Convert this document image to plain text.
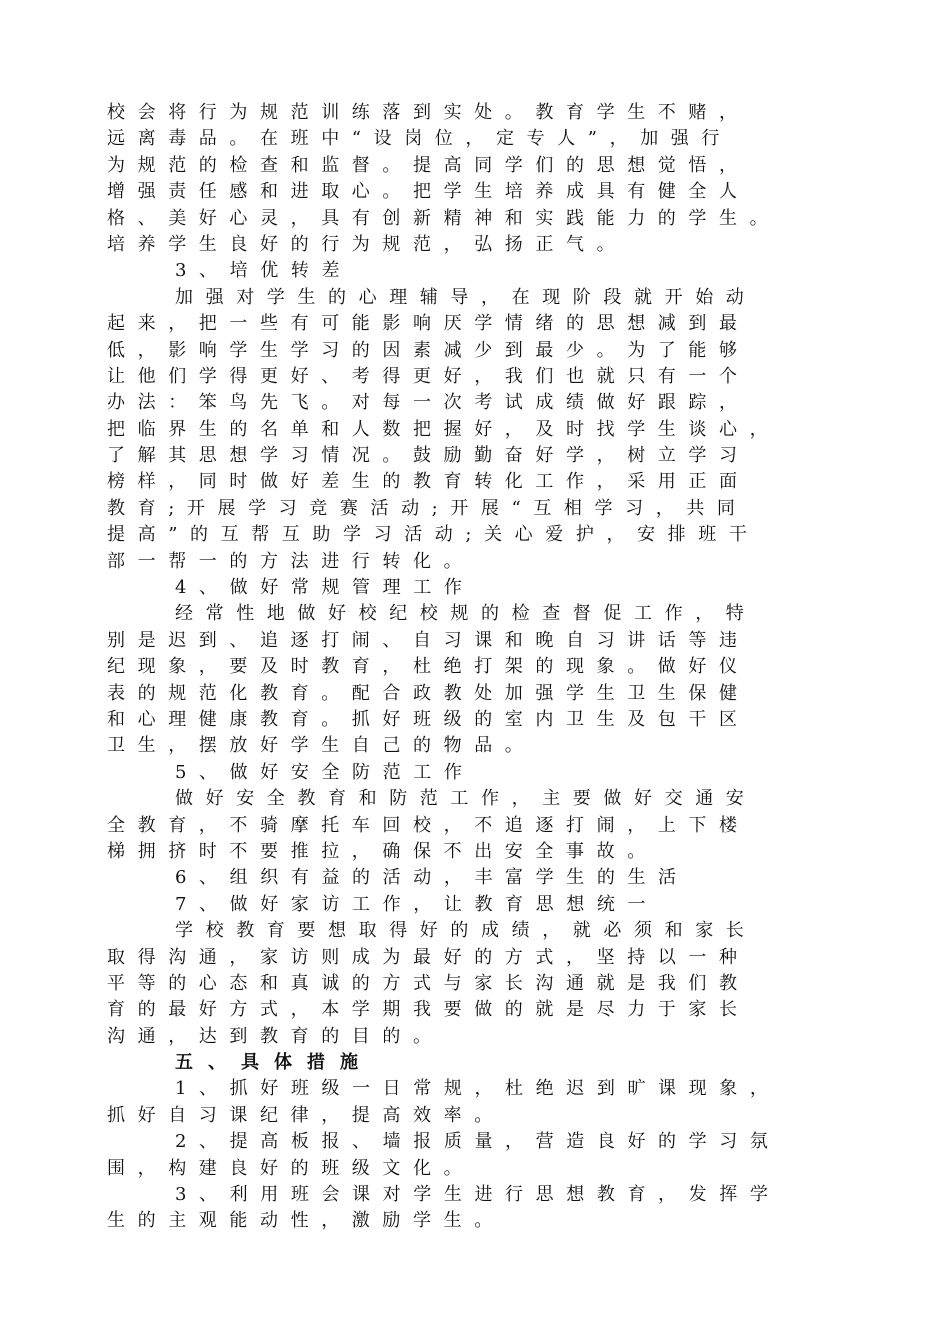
校会将行为规范训练落到实处。教育学生不赌，
远离毒品。在班中“设岗位，定专人”，加强行
为规范的检查和监督。提高同学们的思想觉悟，
增强责任感和进取心。把学生培养成具有健全人
格、美好心灵，具有创新精神和实践能力的学生。
培养学生良好的行为规范，弘扬正气。
3、培优转差
加强对学生的心理辅导，在现阶段就开始动
起来，把一些有可能影响厌学情绪的思想减到最
低，影响学生学习的因素减少到最少。为了能够
让他们学得更好、考得更好，我们也就只有一个
办法：笨鸟先飞。对每一次考试成绩做好跟踪，
把临界生的名单和人数把握好，及时找学生谈心，
了解其思想学习情况。鼓励勤奋好学，树立学习
榜样，同时做好差生的教育转化工作，采用正面
教育;开展学习竞赛活动;开展“互相学习，共同
提高”的互帮互助学习活动;关心爱护，安排班干
部一帮一的方法进行转化。
4、做好常规管理工作
经常性地做好校纪校规的检查督促工作，特
别是迟到、追逐打闹、自习课和晚自习讲话等违
纪现象，要及时教育，杜绝打架的现象。做好仪
表的规范化教育。配合政教处加强学生卫生保健
和心理健康教育。抓好班级的室内卫生及包干区
卫生，摆放好学生自己的物品。
5、做好安全防范工作
做好安全教育和防范工作，主要做好交通安
全教育，不骑摩托车回校，不追逐打闹，上下楼
梯拥挤时不要推拉，确保不出安全事故。
6、组织有益的活动，丰富学生的生活
7、做好家访工作，让教育思想统一
学校教育要想取得好的成绩，就必须和家长
取得沟通，家访则成为最好的方式，坚持以一种
平等的心态和真诚的方式与家长沟通就是我们教
育的最好方式，本学期我要做的就是尽力于家长
沟通，达到教育的目的。
五、具体措施
1、抓好班级一日常规，杜绝迟到旷课现象，
抓好自习课纪律，提高效率。
2、提高板报、墙报质量，营造良好的学习氛
围，构建良好的班级文化。
3、利用班会课对学生进行思想教育，发挥学
生的主观能动性，激励学生。
